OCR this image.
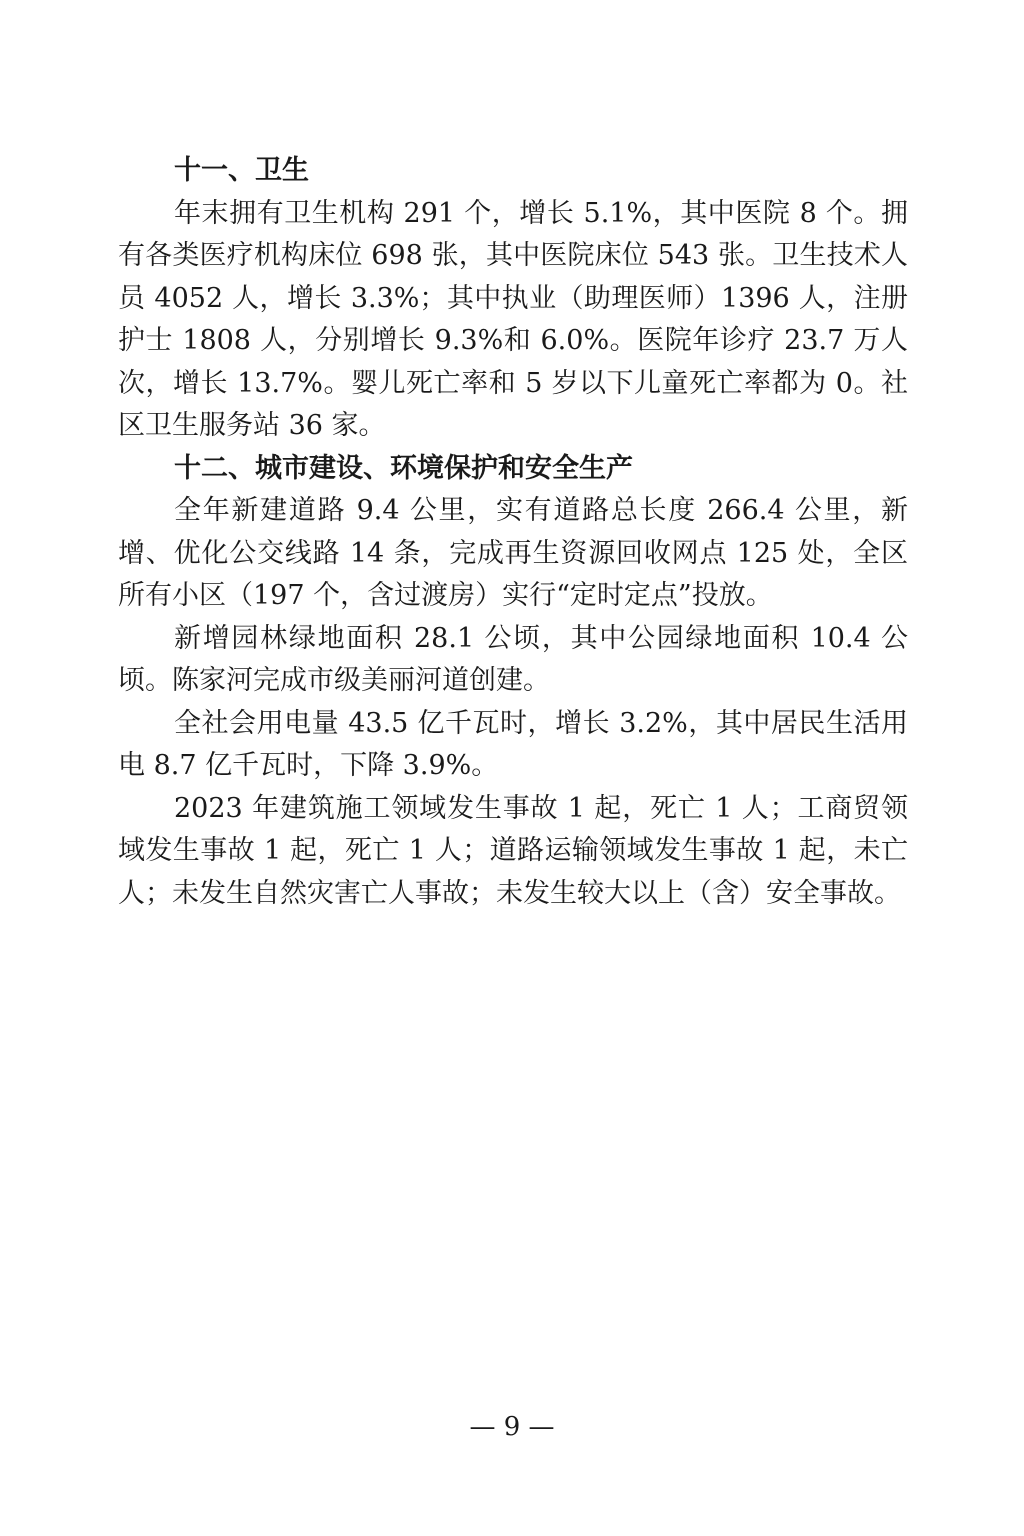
十一、卫生

年末拥有卫生机构 291 个，增长 5.1%，其中医院 8 个。拥有各类医疗机构床位 698 张，其中医院床位 543 张。卫生技术人员 4052 人，增长 3.3%；其中执业（助理医师）1396 人，注册护士 1808 人，分别增长 9.3%和 6.0%。医院年诊疗 23.7 万人次，增长 13.7%。婴儿死亡率和 5 岁以下儿童死亡率都为 0。社区卫生服务站 36 家。

十二、城市建设、环境保护和安全生产

全年新建道路 9.4 公里，实有道路总长度 266.4 公里，新增、优化公交线路 14 条，完成再生资源回收网点 125 处，全区所有小区（197 个，含过渡房）实行“定时定点”投放。

新增园林绿地面积 28.1 公顷，其中公园绿地面积 10.4 公顷。陈家河完成市级美丽河道创建。

全社会用电量 43.5 亿千瓦时，增长 3.2%，其中居民生活用电 8.7 亿千瓦时，下降 3.9%。

2023 年建筑施工领域发生事故 1 起，死亡 1 人；工商贸领域发生事故 1 起，死亡 1 人；道路运输领域发生事故 1 起，未亡人；未发生自然灾害亡人事故；未发生较大以上（含）安全事故。

— 9 —
